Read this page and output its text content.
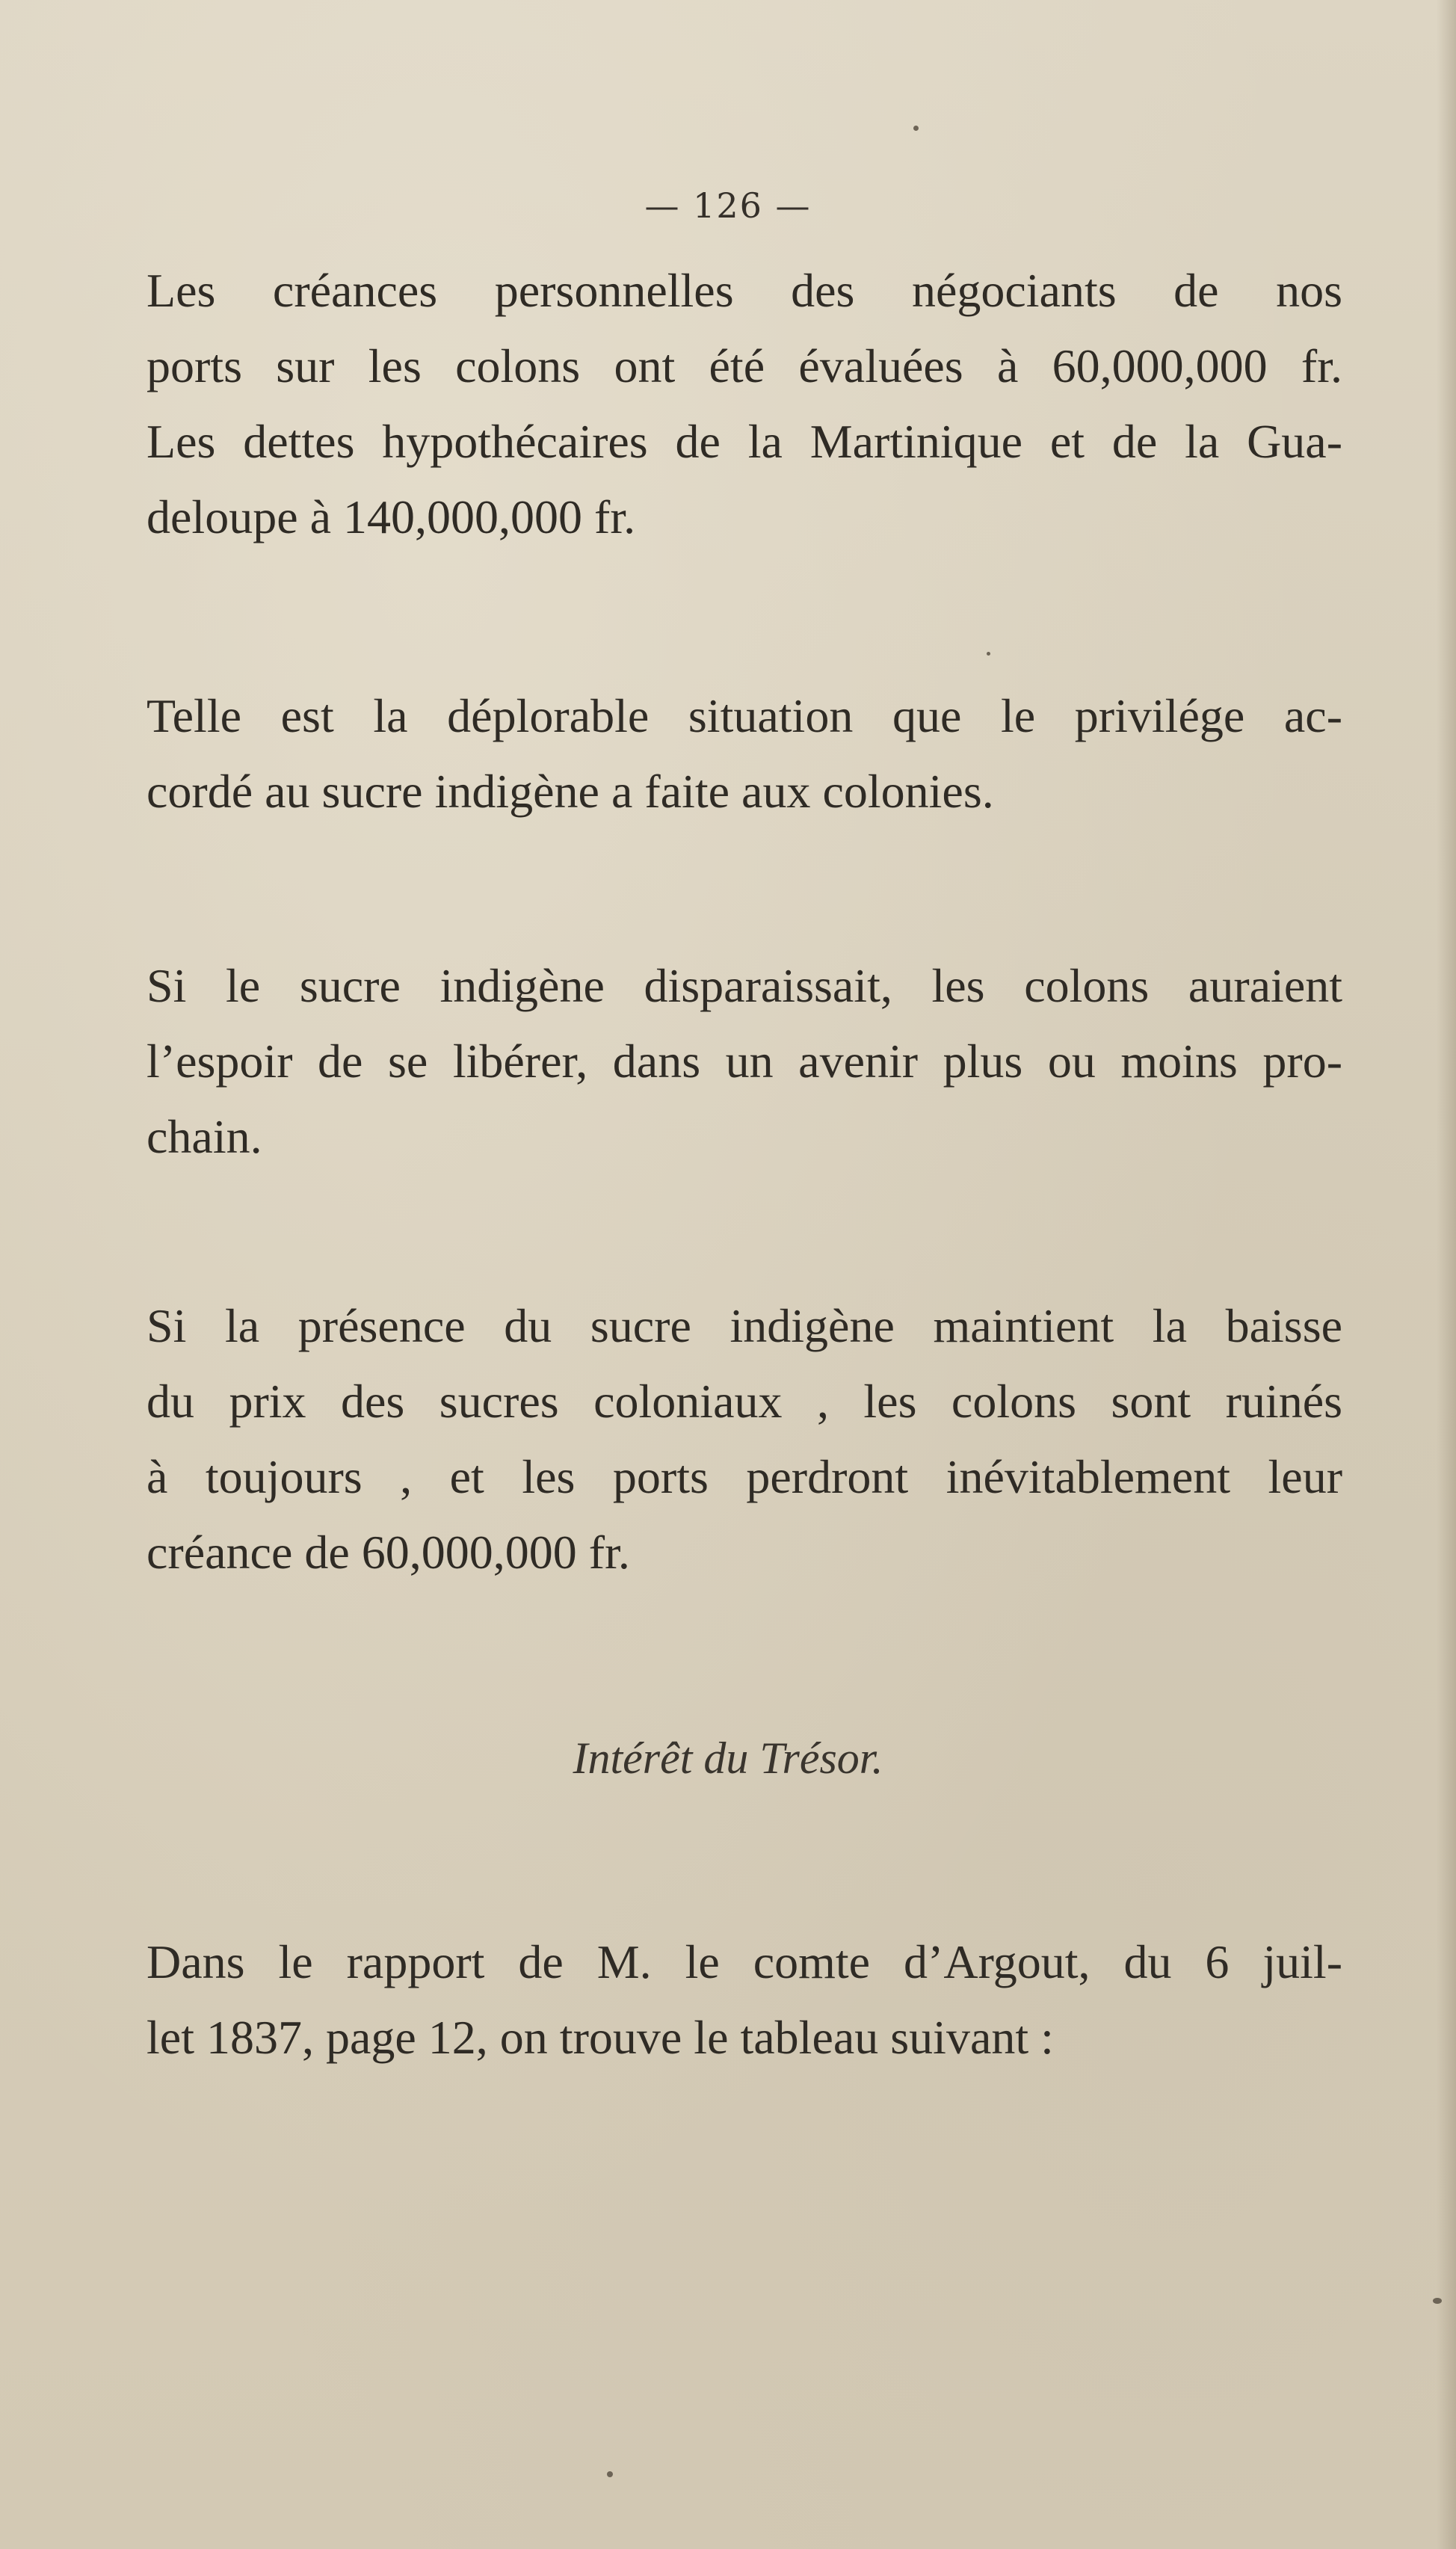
— 126 —
Les créances personnelles des négociants de nos
ports sur les colons ont été évaluées à 60,000,000 fr.
Les dettes hypothécaires de la Martinique et de la Gua-
deloupe à 140,000,000 fr.
Telle est la déplorable situation que le privilége ac-
cordé au sucre indigène a faite aux colonies.
Si le sucre indigène disparaissait, les colons auraient
l’espoir de se libérer, dans un avenir plus ou moins pro-
chain.
Si la présence du sucre indigène maintient la baisse
du prix des sucres coloniaux , les colons sont ruinés
à toujours , et les ports perdront inévitablement leur
créance de 60,000,000 fr.
Intérêt du Trésor.
Dans le rapport de M. le comte d’Argout, du 6 juil-
let 1837, page 12, on trouve le tableau suivant :
